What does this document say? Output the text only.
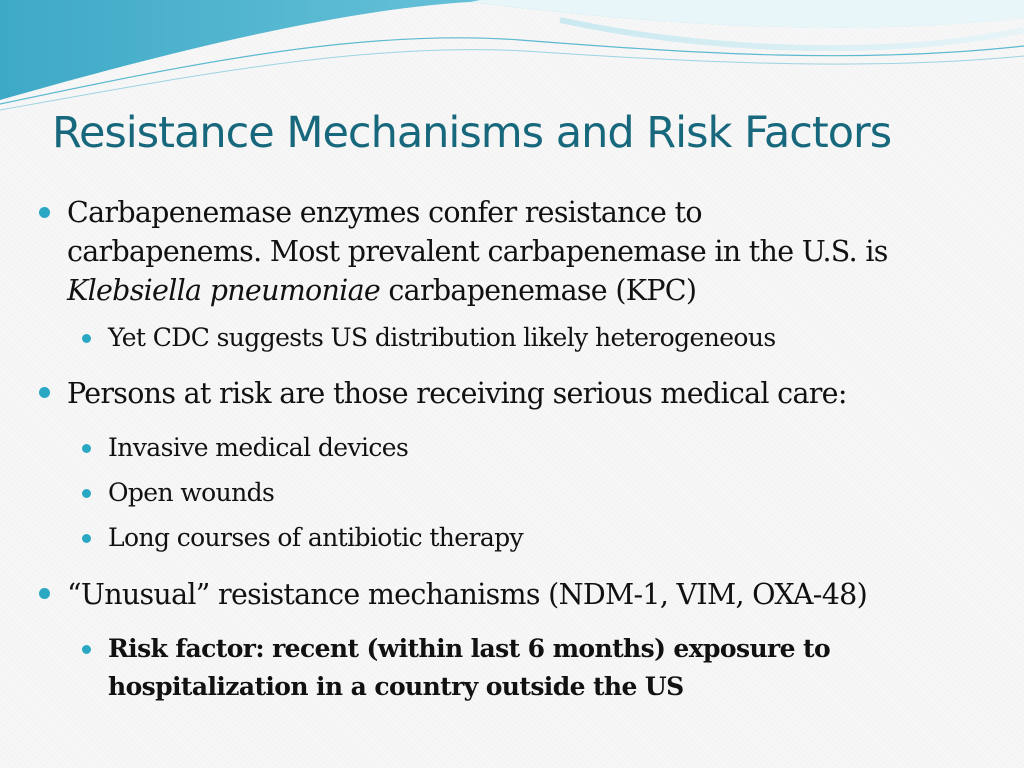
Resistance Mechanisms and Risk Factors
Carbapenemase enzymes confer resistance to
carbapenems. Most prevalent carbapenemase in the U.S. is
Klebsiella pneumoniae carbapenemase (KPC)
Yet CDC suggests US distribution likely heterogeneous
Persons at risk are those receiving serious medical care:
Invasive medical devices
Open wounds
Long courses of antibiotic therapy
“Unusual” resistance mechanisms (NDM-1, VIM, OXA-48)
Risk factor: recent (within last 6 months) exposure to
hospitalization in a country outside the US
